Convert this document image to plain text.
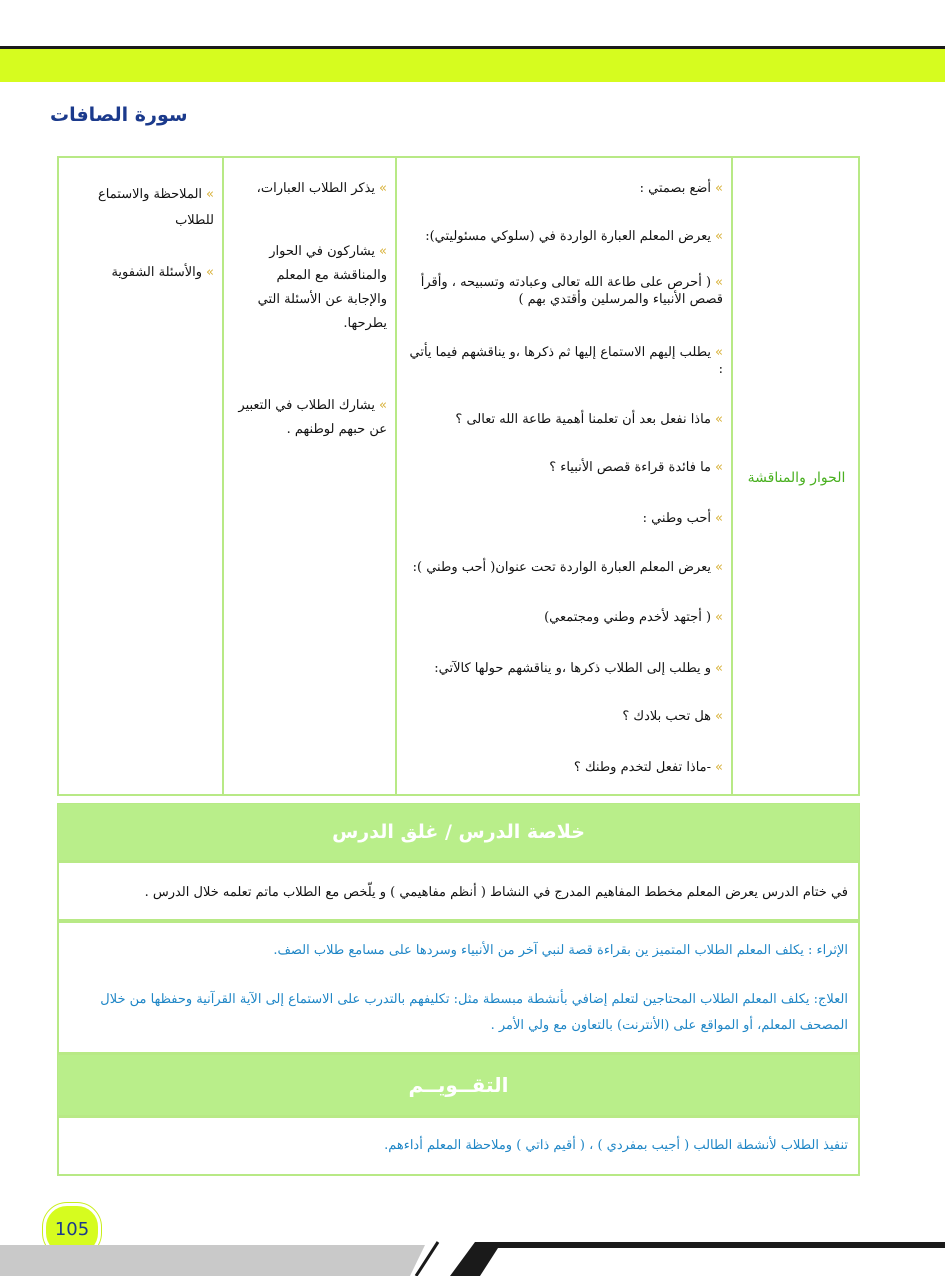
سورة الصافات
الحوار والمناقشة
»أضع بصمتي :
»يعرض المعلم العبارة الواردة في (سلوكي مسئوليتي):
»( أحرص على طاعة الله تعالى وعبادته وتسبيحه ، وأقرأ قصص الأنبياء والمرسلين وأقتدي بهم )
»يطلب إليهم الاستماع إليها ثم ذكرها ،و يناقشهم فيما يأتي :
»ماذا نفعل بعد أن تعلمنا أهمية طاعة الله تعالى ؟
»ما فائدة قراءة قصص الأنبياء ؟
»أحب وطني :
»يعرض المعلم العبارة الواردة تحت عنوان( أحب وطني ):
»( أجتهد لأخدم وطني ومجتمعي)
»و يطلب إلى الطلاب ذكرها ،و يناقشهم حولها كالآتي:
»هل تحب بلادك ؟
»-ماذا تفعل لتخدم وطنك ؟
»يذكر الطلاب العبارات،
»يشاركون في الحوار والمناقشة مع المعلم والإجابة عن الأسئلة التي يطرحها.
»يشارك الطلاب في التعبير عن حبهم لوطنهم .
»الملاحظة والاستماع للطلاب
»والأسئلة الشفوية
خلاصة الدرس / غلق الدرس
في ختام الدرس يعرض المعلم مخطط المفاهيم المدرج في النشاط ( أنظم مفاهيمي ) و يلّخص مع الطلاب ماتم تعلمه خلال الدرس .
الإثراء : يكلف المعلم الطلاب المتميز ين بقراءة قصة لنبي آخر من الأنبياء وسردها على مسامع طلاب الصف.
العلاج: يكلف المعلم الطلاب المحتاجين لتعلم إضافي بأنشطة مبسطة مثل: تكليفهم بالتدرب على الاستماع إلى الآية القرآنية وحفظها من خلال المصحف المعلم، أو المواقع على (الأنترنت) بالتعاون مع ولي الأمر .
التقــويــم
تنفيذ الطلاب لأنشطة الطالب ( أجيب بمفردي ) ، ( أقيم ذاتي ) وملاحظة المعلم أداءهم.
105
